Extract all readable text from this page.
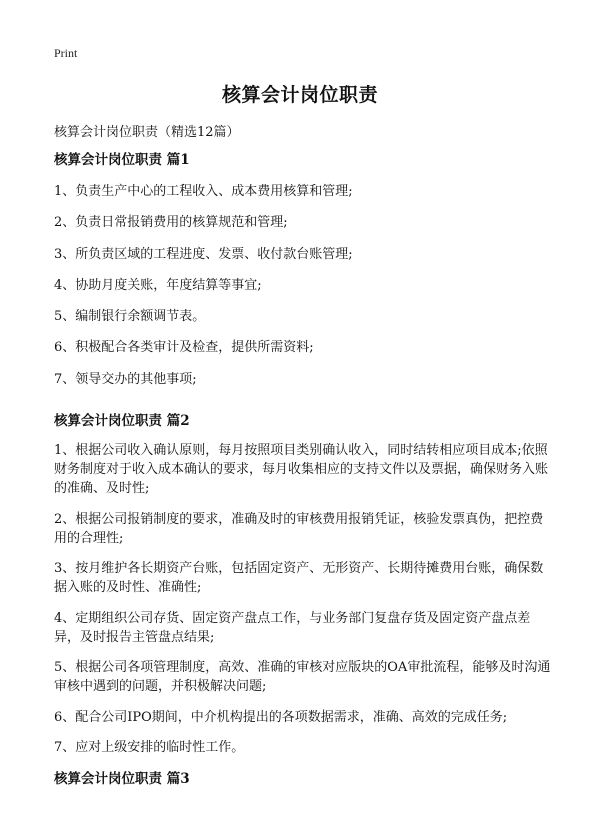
Print
核算会计岗位职责

核算会计岗位职责（精选12篇）

核算会计岗位职责 篇1

1、负责生产中心的工程收入、成本费用核算和管理;

2、负责日常报销费用的核算规范和管理;

3、所负责区域的工程进度、发票、收付款台账管理;

4、协助月度关账，年度结算等事宜;

5、编制银行余额调节表。

6、积极配合各类审计及检查，提供所需资料;

7、领导交办的其他事项;

核算会计岗位职责 篇2

1、根据公司收入确认原则，每月按照项目类别确认收入，同时结转相应项目成本;依照财务制度对于收入成本确认的要求，每月收集相应的支持文件以及票据，确保财务入账的准确、及时性;

2、根据公司报销制度的要求，准确及时的审核费用报销凭证，核验发票真伪，把控费用的合理性;

3、按月维护各长期资产台账，包括固定资产、无形资产、长期待摊费用台账，确保数据入账的及时性、准确性;

4、定期组织公司存货、固定资产盘点工作，与业务部门复盘存货及固定资产盘点差异，及时报告主管盘点结果;

5、根据公司各项管理制度，高效、准确的审核对应版块的OA审批流程，能够及时沟通审核中遇到的问题，并积极解决问题;

6、配合公司IPO期间，中介机构提出的各项数据需求，准确、高效的完成任务;

7、应对上级安排的临时性工作。

核算会计岗位职责 篇3
